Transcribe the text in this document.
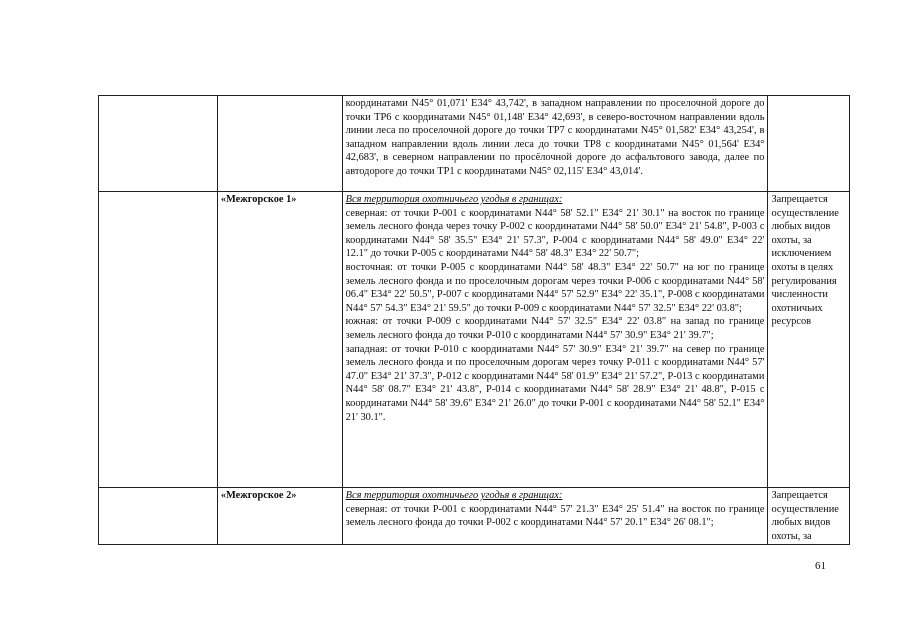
		координатами N45° 01,071' E34° 43,742', в западном направлении по проселочной дороге до точки ТР6 с координатами N45° 01,148' E34° 42,693', в северо-восточном направлении вдоль линии леса по проселочной дороге до точки ТР7 с координатами N45° 01,582' E34° 43,254', в западном направлении вдоль линии леса до точки ТР8 с координатами N45° 01,564' E34° 42,683', в северном направлении по просёлочной дороге до асфальтового завода, далее по автодороге до точки ТР1 с координатами N45° 02,115' E34° 43,014'.	

	«Межгорское 1»	Вся территория охотничьего угодья в границах:
северная: от точки Р-001 с координатами N44° 58' 52.1" E34° 21' 30.1" на восток по границе земель лесного фонда через точку Р-002 с координатами N44° 58' 50.0" E34° 21' 54.8", Р-003 с координатами N44° 58' 35.5" E34° 21' 57.3", Р-004 с координатами N44° 58' 49.0" E34° 22' 12.1" до точки Р-005 с координатами N44° 58' 48.3" E34° 22' 50.7";
восточная: от точки Р-005 с координатами N44° 58' 48.3" E34° 22' 50.7" на юг по границе земель лесного фонда и по проселочным дорогам через точки Р-006 с координатами N44° 58' 06.4" E34° 22' 50.5", Р-007 с координатами N44° 57' 52.9" E34° 22' 35.1", Р-008 с координатами N44° 57' 54.3" E34° 21' 59.5" до точки Р-009 с координатами N44° 57' 32.5" E34° 22' 03.8";
южная: от точки Р-009 с координатами N44° 57' 32.5" E34° 22' 03.8" на запад по границе земель лесного фонда до точки Р-010 с координатами N44° 57' 30.9" E34° 21' 39.7";
западная: от точки Р-010 с координатами N44° 57' 30.9" E34° 21' 39.7" на север по границе земель лесного фонда и по проселочным дорогам через точку Р-011 с координатами N44° 57' 47.0" E34° 21' 37.3", Р-012 с координатами N44° 58' 01.9" E34° 21' 57.2", Р-013 с координатами N44° 58' 08.7" E34° 21' 43.8", Р-014 с координатами N44° 58' 28.9" E34° 21' 48.8", Р-015 с координатами N44° 58' 39.6" E34° 21' 26.0" до точки Р-001 с координатами N44° 58' 52.1" E34° 21' 30.1".	Запрещается осуществление любых видов охоты, за исключением охоты в целях регулирования численности охотничьих ресурсов
	«Межгорское 2»	Вся территория охотничьего угодья в границах:
северная: от точки Р-001 с координатами N44° 57' 21.3" E34° 25' 51.4" на восток по границе земель лесного фонда до точки Р-002 с координатами N44° 57' 20.1" E34° 26' 08.1";	Запрещается осуществление любых видов охоты, за
61
